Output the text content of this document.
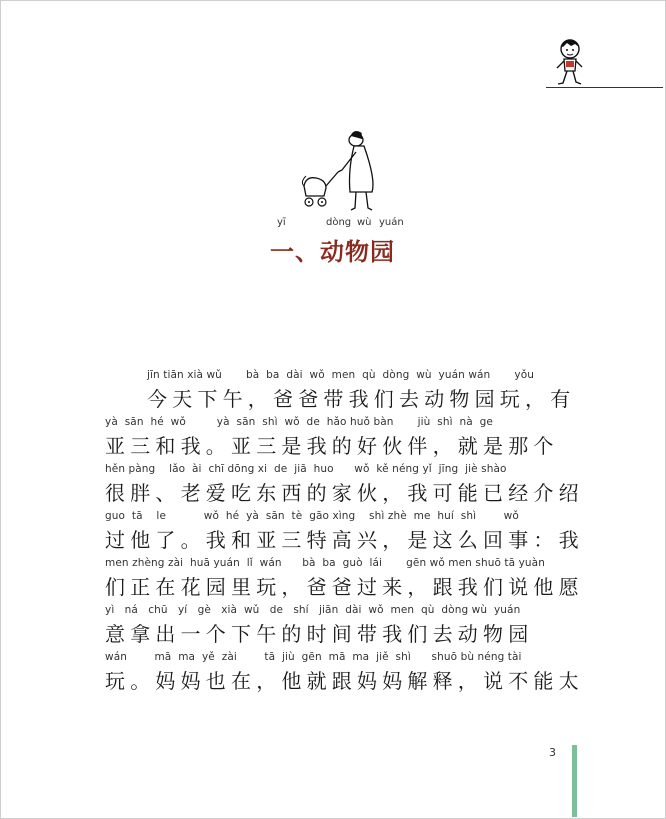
yī	dòng wù yuán
一、动物园
jīn tiān xià wǔ       bà  ba  dài  wǒ  men  qù  dòng  wù  yuán wán       yǒu
今天下午，爸爸带我们去动物园玩，有
yà  sān  hé  wǒ         yà  sān  shì  wǒ  de  hǎo huǒ bàn       jiù  shì  nà  ge
亚三和我。亚三是我的好伙伴，就是那个
hěn pàng    lǎo  ài  chī dōng xi  de  jiā  huo      wǒ  kě néng yǐ  jīng  jiè shào
很胖、老爱吃东西的家伙，我可能已经介绍
guo  tā    le           wǒ  hé  yà  sān  tè  gāo xìng    shì zhè  me  huí  shì        wǒ
过他了。我和亚三特高兴，是这么回事：我
men zhèng zài  huā yuán  lǐ  wán      bà  ba  guò  lái       gēn wǒ men shuō tā yuàn
们正在花园里玩，爸爸过来，跟我们说他愿
yì   ná   chū   yí   gè   xià  wǔ   de   shí   jiān  dài  wǒ  men  qù  dòng wù  yuán
意拿出一个下午的时间带我们去动物园
wán        mā  ma  yě  zài        tā  jiù  gēn  mā  ma  jiě  shì      shuō bù néng tài
玩。妈妈也在，他就跟妈妈解释，说不能太
3
